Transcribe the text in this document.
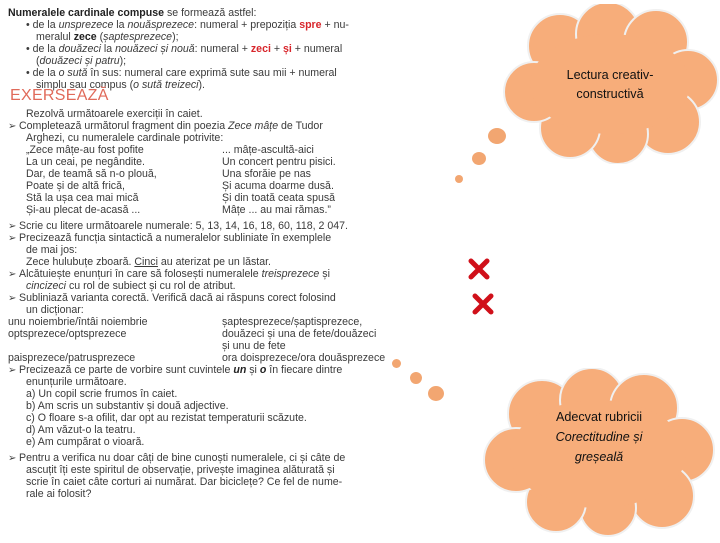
Numeralele cardinale compuse se formează astfel:
• de la unsprezece la nouăsprezece: numeral + prepoziția spre + nu-
meralul zece (șaptesprezece);
• de la douăzeci la nouăzeci și nouă: numeral + zeci + și + numeral
(douăzeci și patru);
• de la o sută în sus: numeral care exprimă sute sau mii + numeral
simplu sau compus (o sută treizeci).
EXERSEAZĂ
Rezolvă următoarele exerciții în caiet.
➢ Completează următorul fragment din poezia Zece mâțe de Tudor
Arghezi, cu numeralele cardinale potrivite:
„Zece mâțe-au fost pofite
La un ceai, pe negândite.
Dar, de teamă să n-o plouă,
Poate și de altă frică,
Stă la ușa cea mai mică
Și-au plecat de-acasă ...
... mâțe-ascultă-aici
Un concert pentru pisici.
Una sforăie pe nas
Și acuma doarme dusă.
Și din toată ceata spusă
Mâțe ... au mai rămas.”
➢ Scrie cu litere următoarele numerale: 5, 13, 14, 16, 18, 60, 118, 2 047.
➢ Precizează funcția sintactică a numeralelor subliniate în exemplele
de mai jos:
Zece hulubuțe zboară. Cinci au aterizat pe un lăstar.
➢ Alcătuiește enunțuri în care să folosești numeralele treisprezece și
cincizeci cu rol de subiect și cu rol de atribut.
➢ Subliniază varianta corectă. Verifică dacă ai răspuns corect folosind
un dicționar:
unu noiembrie/întâi noiembrie
optsprezece/optsprezece
paisprezece/patrusprezece
șaptesprezece/șaptisprezece,
douăzeci și una de fete/douăzeci
și unu de fete
ora doisprezece/ora douăsprezece
➢ Precizează ce parte de vorbire sunt cuvintele un și o în fiecare dintre
enunțurile următoare.
a) Un copil scrie frumos în caiet.
b) Am scris un substantiv și două adjective.
c) O floare s-a ofilit, dar opt au rezistat temperaturii scăzute.
d) Am văzut-o la teatru.
e) Am cumpărat o vioară.
➢ Pentru a verifica nu doar câți de bine cunoști numeralele, ci și câte de
ascuțit îți este spiritul de observație, privește imaginea alăturată și
scrie în caiet câte corturi ai numărat. Dar biciclețe? Ce fel de nume-
rale ai folosit?
Lectura creativ-
constructivă
Adecvat rubricii
Corectitudine și
greșeală
